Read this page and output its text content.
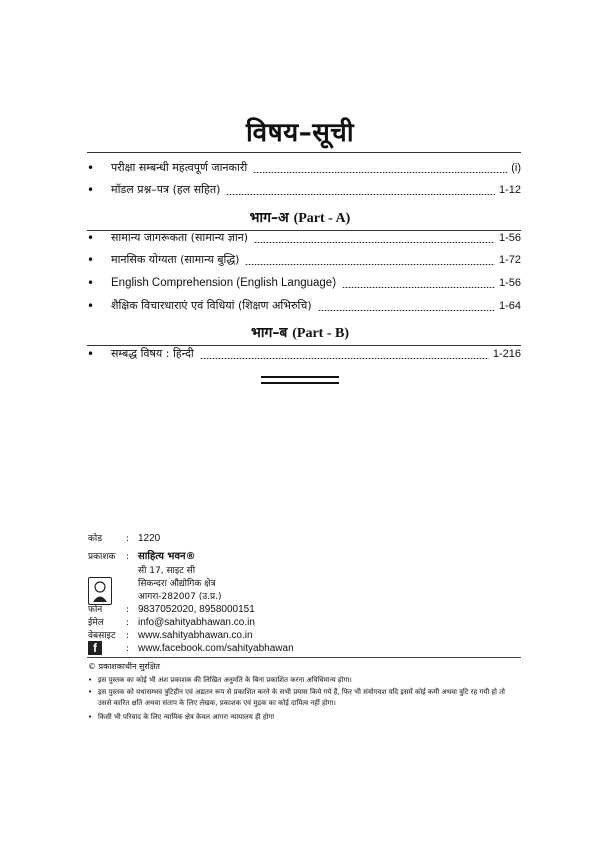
विषय–सूची
•	परीक्षा सम्बन्धी महत्वपूर्ण जानकारी	(i)
•	मॉडल प्रश्न–पत्र (हल सहित)	1-12
भाग–अ (Part - A)
•	सामान्य जागरूकता (सामान्य ज्ञान)	1-56
•	मानसिक योग्यता (सामान्य बुद्धि)	1-72
•	English Comprehension (English Language)	1-56
•	शैक्षिक विचारधाराएं एवं विधियां (शिक्षण अभिरुचि)	1-64
भाग–ब (Part - B)
•	सम्बद्ध विषय : हिन्दी	1-216
कोड	: 1220
प्रकाशक	: साहित्य भवन®
सी 17, साइट सी
सिकन्दरा औद्योगिक क्षेत्र
आगरा-282007 (उ.प्र.)
फोन	: 9837052020, 8958000151
ईमेल	: info@sahityabhawan.co.in
वेबसाइट	: www.sahityabhawan.co.in
f	: www.facebook.com/sahityabhawan
© प्रकाशकाधीन सुरक्षित
• इस पुस्तक का कोई भी अंश प्रकाशक की लिखित अनुमति के बिना प्रकाशित करना अविधिमान्य होगा।
• इस पुस्तक को यथासम्भव त्रुटिहीन एवं अद्यतन रूप से प्रकाशित करने के सभी प्रयास किये गये हैं, फिर भी संयोगवश यदि इसमें कोई कमी अथवा त्रुटि रह गयी हो तो उससे कारित क्षति अथवा संताप के लिए लेखक, प्रकाशक एवं मुद्रक का कोई दायित्व नहीं होगा।
• किसी भी परिवाद के लिए न्यायिक क्षेत्र केवल आगरा न्यायालय ही होगा
